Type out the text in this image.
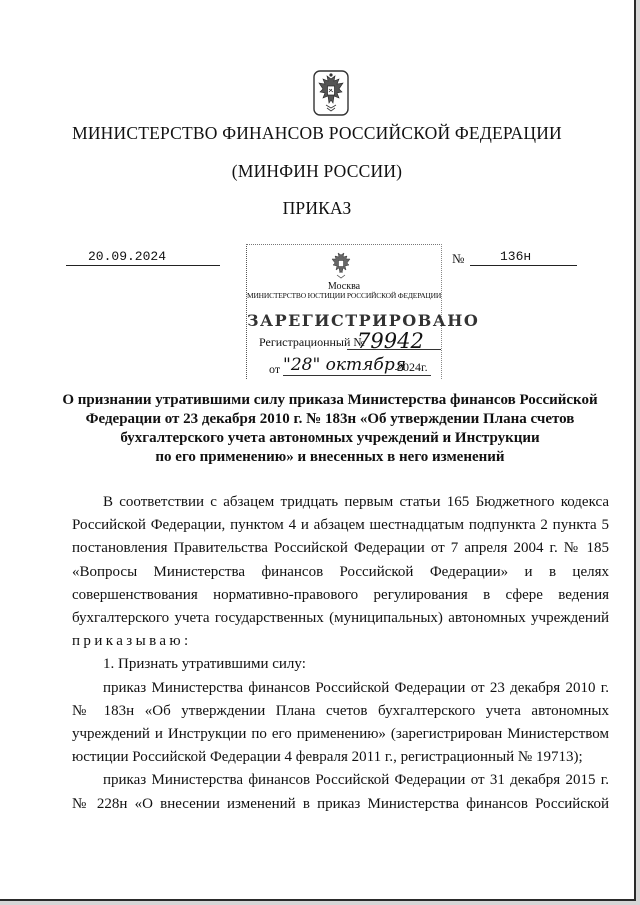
МИНИСТЕРСТВО ФИНАНСОВ РОССИЙСКОЙ ФЕДЕРАЦИИ
(МИНФИН РОССИИ)
ПРИКАЗ
20.09.2024	№	136н
Москва
МИНИСТЕРСТВО ЮСТИЦИИ РОССИЙСКОЙ ФЕДЕРАЦИИ
ЗАРЕГИСТРИРОВАНО
Регистрационный №
79942
от "28" октября
2024г.
О признании утратившими силу приказа Министерства финансов Российской
Федерации от 23 декабря 2010 г. № 183н «Об утверждении Плана счетов
бухгалтерского учета автономных учреждений и Инструкции
по его применению» и внесенных в него изменений
В соответствии с абзацем тридцать первым статьи 165 Бюджетного кодекса
Российской Федерации, пунктом 4 и абзацем шестнадцатым подпункта 2 пункта 5
постановления Правительства Российской Федерации от 7 апреля 2004 г. № 185
«Вопросы Министерства финансов Российской Федерации» и в целях
совершенствования нормативно-правового регулирования в сфере ведения
бухгалтерского учета государственных (муниципальных) автономных учреждений
приказываю:
1. Признать утратившими силу:
приказ Министерства финансов Российской Федерации от 23 декабря 2010 г.
№ 183н «Об утверждении Плана счетов бухгалтерского учета автономных
учреждений и Инструкции по его применению» (зарегистрирован Министерством
юстиции Российской Федерации 4 февраля 2011 г., регистрационный № 19713);
приказ Министерства финансов Российской Федерации от 31 декабря 2015 г.
№ 228н «О внесении изменений в приказ Министерства финансов Российской
